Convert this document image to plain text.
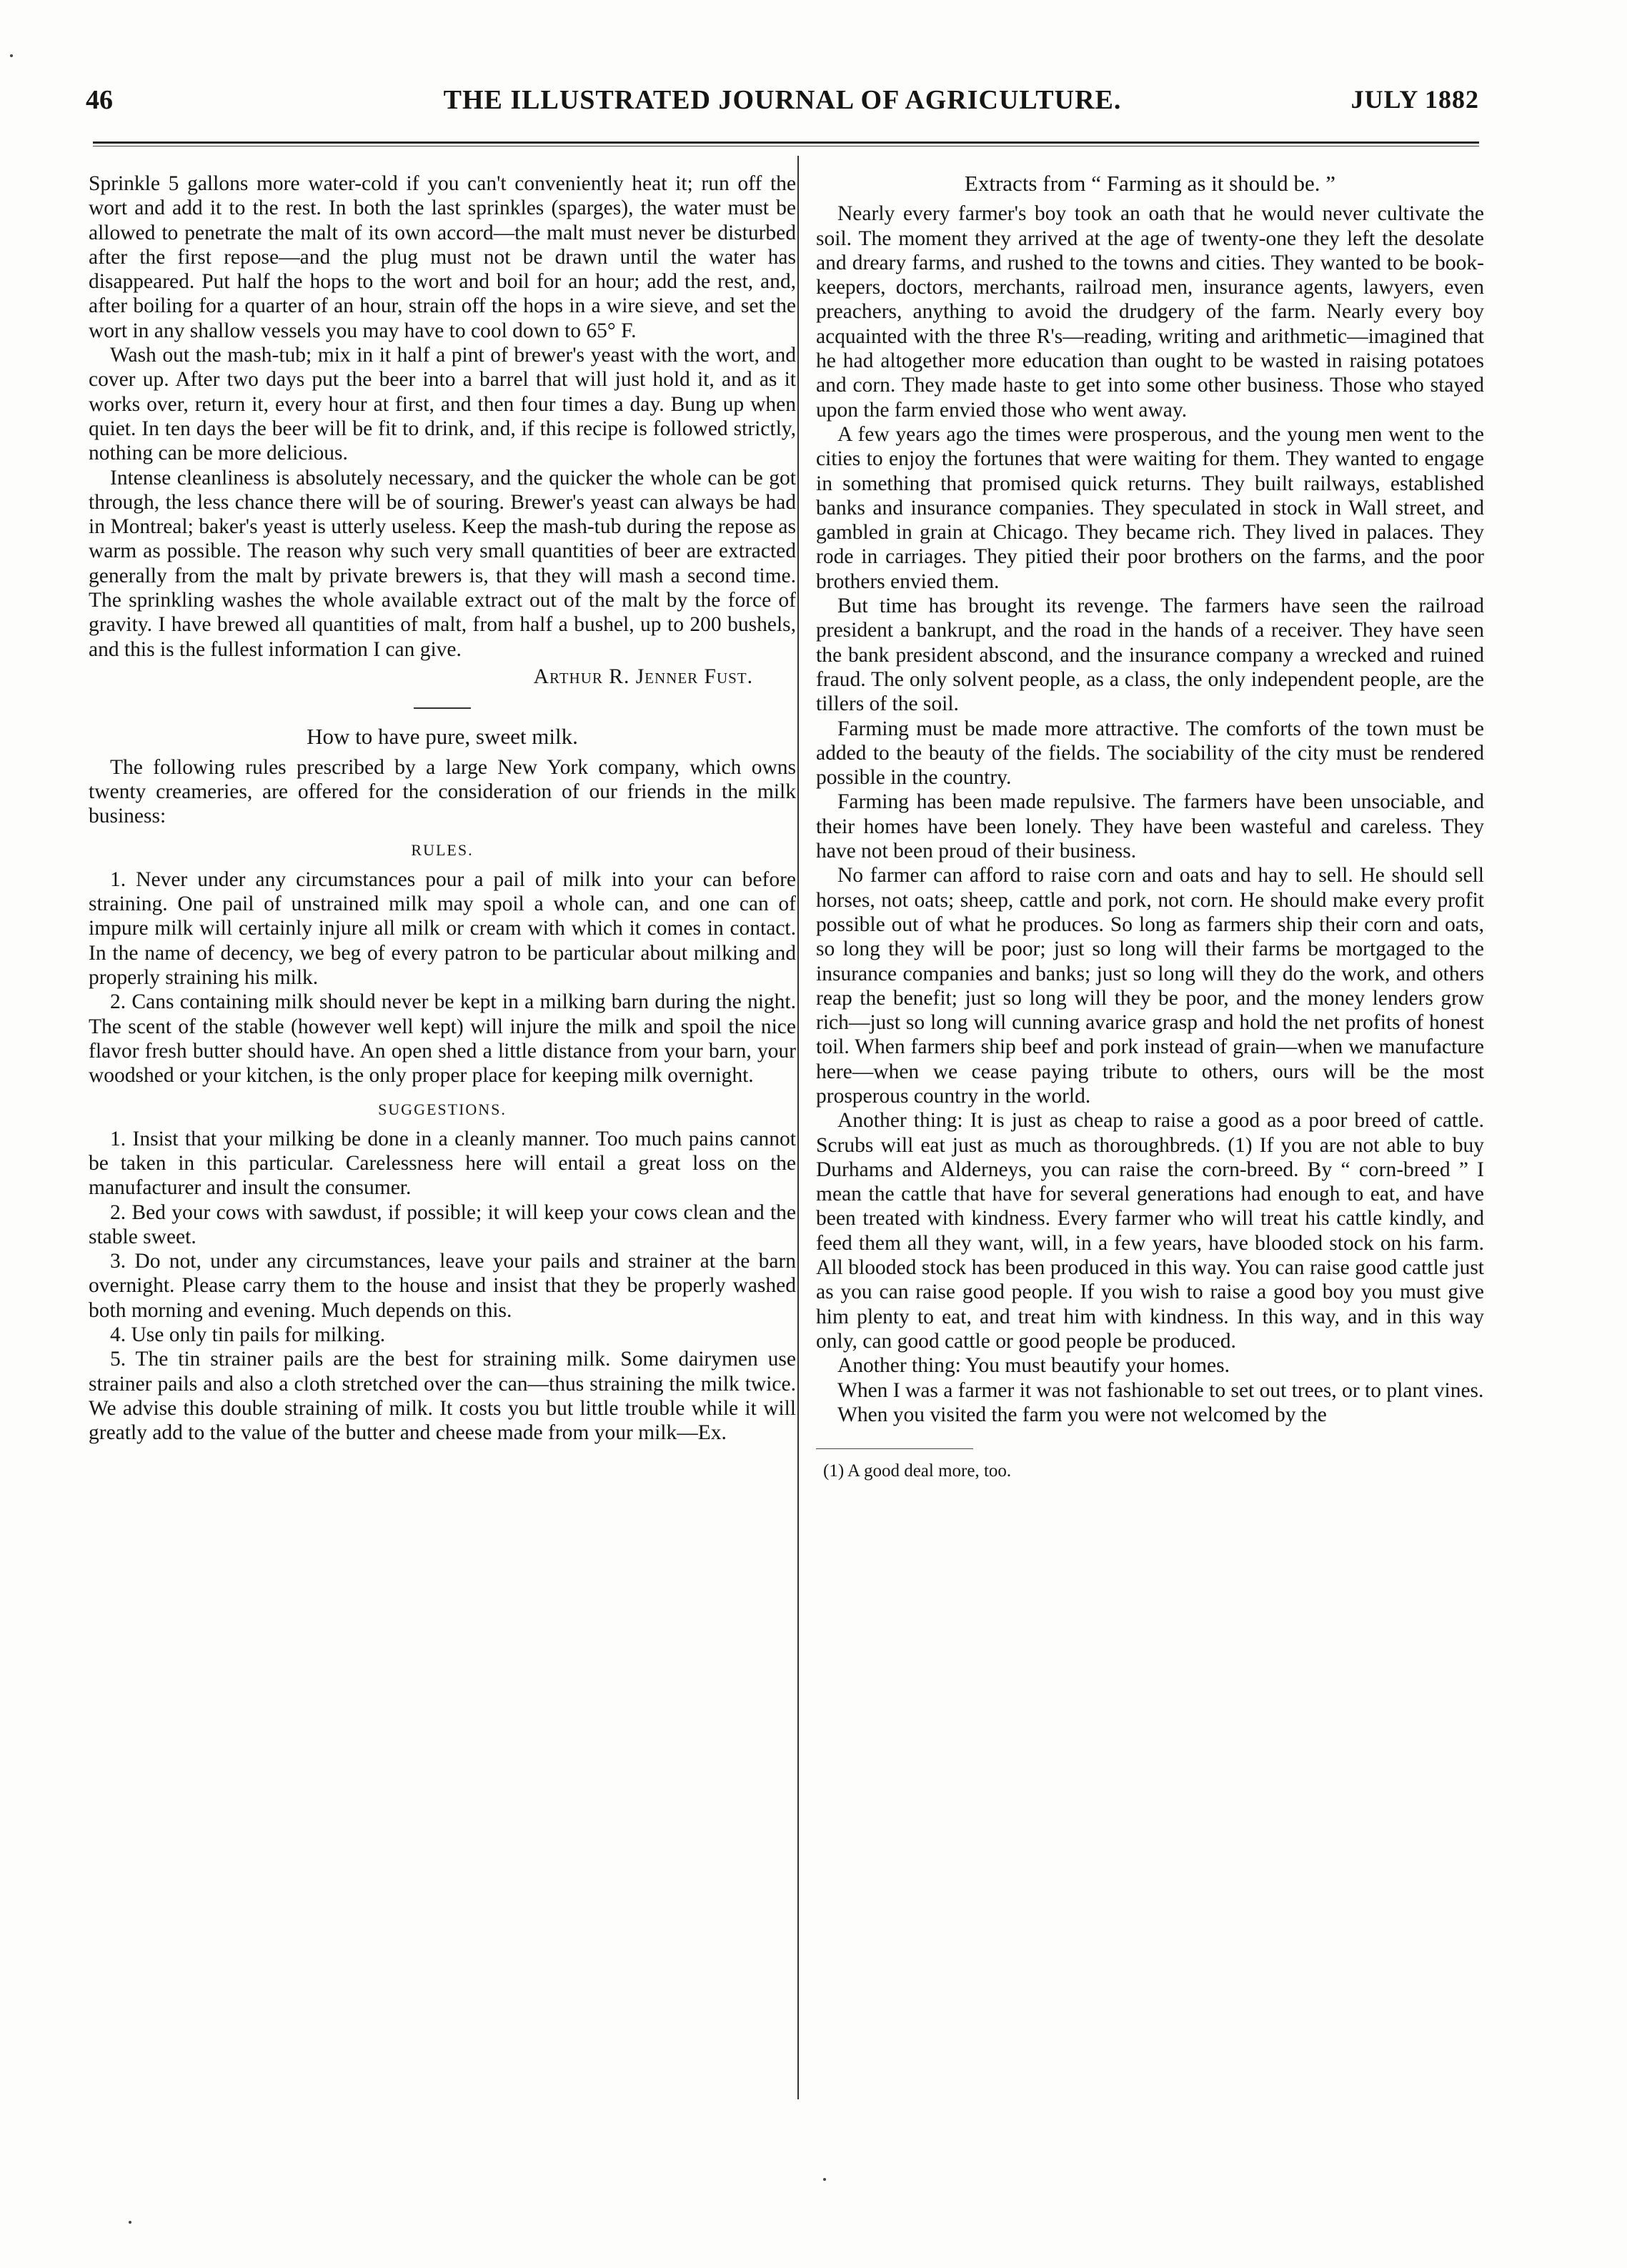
46	THE ILLUSTRATED JOURNAL OF AGRICULTURE.	JULY 1882

Sprinkle 5 gallons more water-cold if you can't conveniently heat it; run off the wort and add it to the rest. In both the last sprinkles (sparges), the water must be allowed to penetrate the malt of its own accord—the malt must never be disturbed after the first repose—and the plug must not be drawn until the water has disappeared. Put half the hops to the wort and boil for an hour; add the rest, and, after boiling for a quarter of an hour, strain off the hops in a wire sieve, and set the wort in any shallow vessels you may have to cool down to 65° F.

Wash out the mash-tub; mix in it half a pint of brewer's yeast with the wort, and cover up. After two days put the beer into a barrel that will just hold it, and as it works over, return it, every hour at first, and then four times a day. Bung up when quiet. In ten days the beer will be fit to drink, and, if this recipe is followed strictly, nothing can be more delicious.

Intense cleanliness is absolutely necessary, and the quicker the whole can be got through, the less chance there will be of souring. Brewer's yeast can always be had in Montreal; baker's yeast is utterly useless. Keep the mash-tub during the repose as warm as possible. The reason why such very small quantities of beer are extracted generally from the malt by private brewers is, that they will mash a second time. The sprinkling washes the whole available extract out of the malt by the force of gravity. I have brewed all quantities of malt, from half a bushel, up to 200 bushels, and this is the fullest information I can give.

Arthur R. Jenner Fust.
How to have pure, sweet milk.

The following rules prescribed by a large New York company, which owns twenty creameries, are offered for the consideration of our friends in the milk business:

RULES.

1. Never under any circumstances pour a pail of milk into your can before straining. One pail of unstrained milk may spoil a whole can, and one can of impure milk will certainly injure all milk or cream with which it comes in contact. In the name of decency, we beg of every patron to be particular about milking and properly straining his milk.

2. Cans containing milk should never be kept in a milking barn during the night. The scent of the stable (however well kept) will injure the milk and spoil the nice flavor fresh butter should have. An open shed a little distance from your barn, your woodshed or your kitchen, is the only proper place for keeping milk overnight.

SUGGESTIONS.

1. Insist that your milking be done in a cleanly manner. Too much pains cannot be taken in this particular. Carelessness here will entail a great loss on the manufacturer and insult the consumer.

2. Bed your cows with sawdust, if possible; it will keep your cows clean and the stable sweet.

3. Do not, under any circumstances, leave your pails and strainer at the barn overnight. Please carry them to the house and insist that they be properly washed both morning and evening. Much depends on this.

4. Use only tin pails for milking.

5. The tin strainer pails are the best for straining milk. Some dairymen use strainer pails and also a cloth stretched over the can—thus straining the milk twice. We advise this double straining of milk. It costs you but little trouble while it will greatly add to the value of the butter and cheese made from your milk—Ex.

Extracts from “ Farming as it should be. ”

Nearly every farmer's boy took an oath that he would never cultivate the soil. The moment they arrived at the age of twenty-one they left the desolate and dreary farms, and rushed to the towns and cities. They wanted to be book-keepers, doctors, merchants, railroad men, insurance agents, lawyers, even preachers, anything to avoid the drudgery of the farm. Nearly every boy acquainted with the three R's—reading, writing and arithmetic—imagined that he had altogether more education than ought to be wasted in raising potatoes and corn. They made haste to get into some other business. Those who stayed upon the farm envied those who went away.

A few years ago the times were prosperous, and the young men went to the cities to enjoy the fortunes that were waiting for them. They wanted to engage in something that promised quick returns. They built railways, established banks and insurance companies. They speculated in stock in Wall street, and gambled in grain at Chicago. They became rich. They lived in palaces. They rode in carriages. They pitied their poor brothers on the farms, and the poor brothers envied them.

But time has brought its revenge. The farmers have seen the railroad president a bankrupt, and the road in the hands of a receiver. They have seen the bank president abscond, and the insurance company a wrecked and ruined fraud. The only solvent people, as a class, the only independent people, are the tillers of the soil.

Farming must be made more attractive. The comforts of the town must be added to the beauty of the fields. The sociability of the city must be rendered possible in the country.

Farming has been made repulsive. The farmers have been unsociable, and their homes have been lonely. They have been wasteful and careless. They have not been proud of their business.

No farmer can afford to raise corn and oats and hay to sell. He should sell horses, not oats; sheep, cattle and pork, not corn. He should make every profit possible out of what he produces. So long as farmers ship their corn and oats, so long they will be poor; just so long will their farms be mortgaged to the insurance companies and banks; just so long will they do the work, and others reap the benefit; just so long will they be poor, and the money lenders grow rich—just so long will cunning avarice grasp and hold the net profits of honest toil. When farmers ship beef and pork instead of grain—when we manufacture here—when we cease paying tribute to others, ours will be the most prosperous country in the world.

Another thing: It is just as cheap to raise a good as a poor breed of cattle. Scrubs will eat just as much as thoroughbreds. (1) If you are not able to buy Durhams and Alderneys, you can raise the corn-breed. By “ corn-breed ” I mean the cattle that have for several generations had enough to eat, and have been treated with kindness. Every farmer who will treat his cattle kindly, and feed them all they want, will, in a few years, have blooded stock on his farm. All blooded stock has been produced in this way. You can raise good cattle just as you can raise good people. If you wish to raise a good boy you must give him plenty to eat, and treat him with kindness. In this way, and in this way only, can good cattle or good people be produced.

Another thing: You must beautify your homes.

When I was a farmer it was not fashionable to set out trees, or to plant vines.

When you visited the farm you were not welcomed by the

(1) A good deal more, too.
